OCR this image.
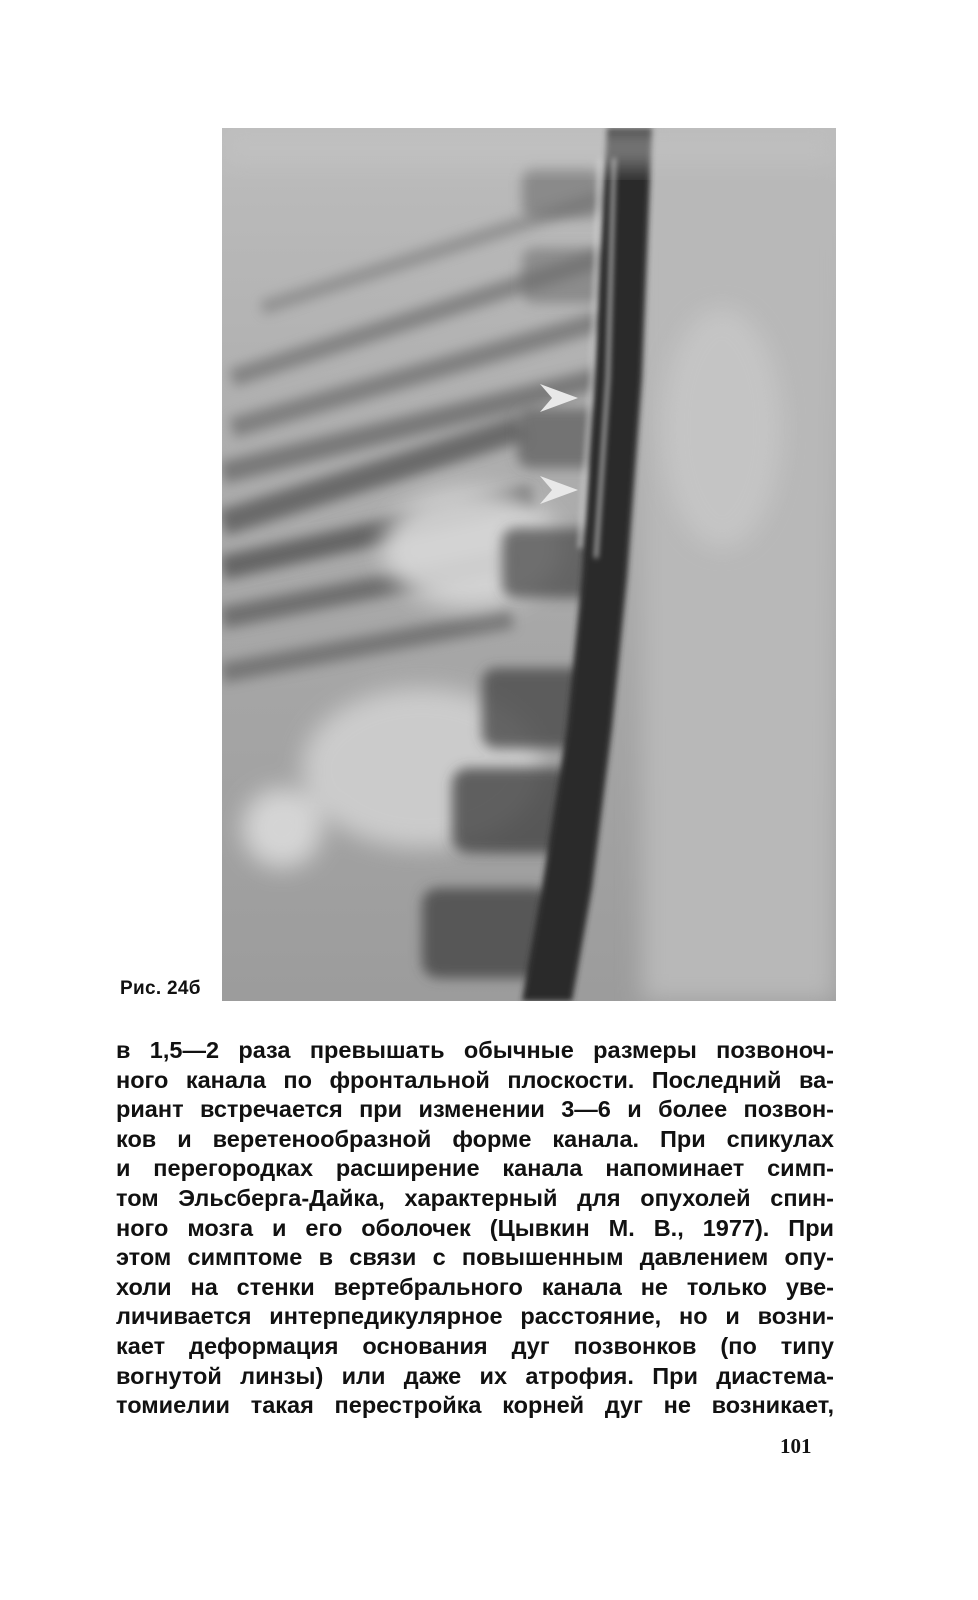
Рис. 24б
в 1,5—2 раза превышать обычные размеры позвоноч-
ного канала по фронтальной плоскости. Последний ва-
риант встречается при изменении 3—6 и более позвон-
ков и веретенообразной форме канала. При спикулах
и перегородках расширение канала напоминает симп-
том Эльсберга-Дайка, характерный для опухолей спин-
ного мозга и его оболочек (Цывкин М. В., 1977). При
этом симптоме в связи с повышенным давлением опу-
холи на стенки вертебрального канала не только уве-
личивается интерпедикулярное расстояние, но и возни-
кает деформация основания дуг позвонков (по типу
вогнутой линзы) или даже их атрофия. При диастема-
томиелии такая перестройка корней дуг не возникает,
101
